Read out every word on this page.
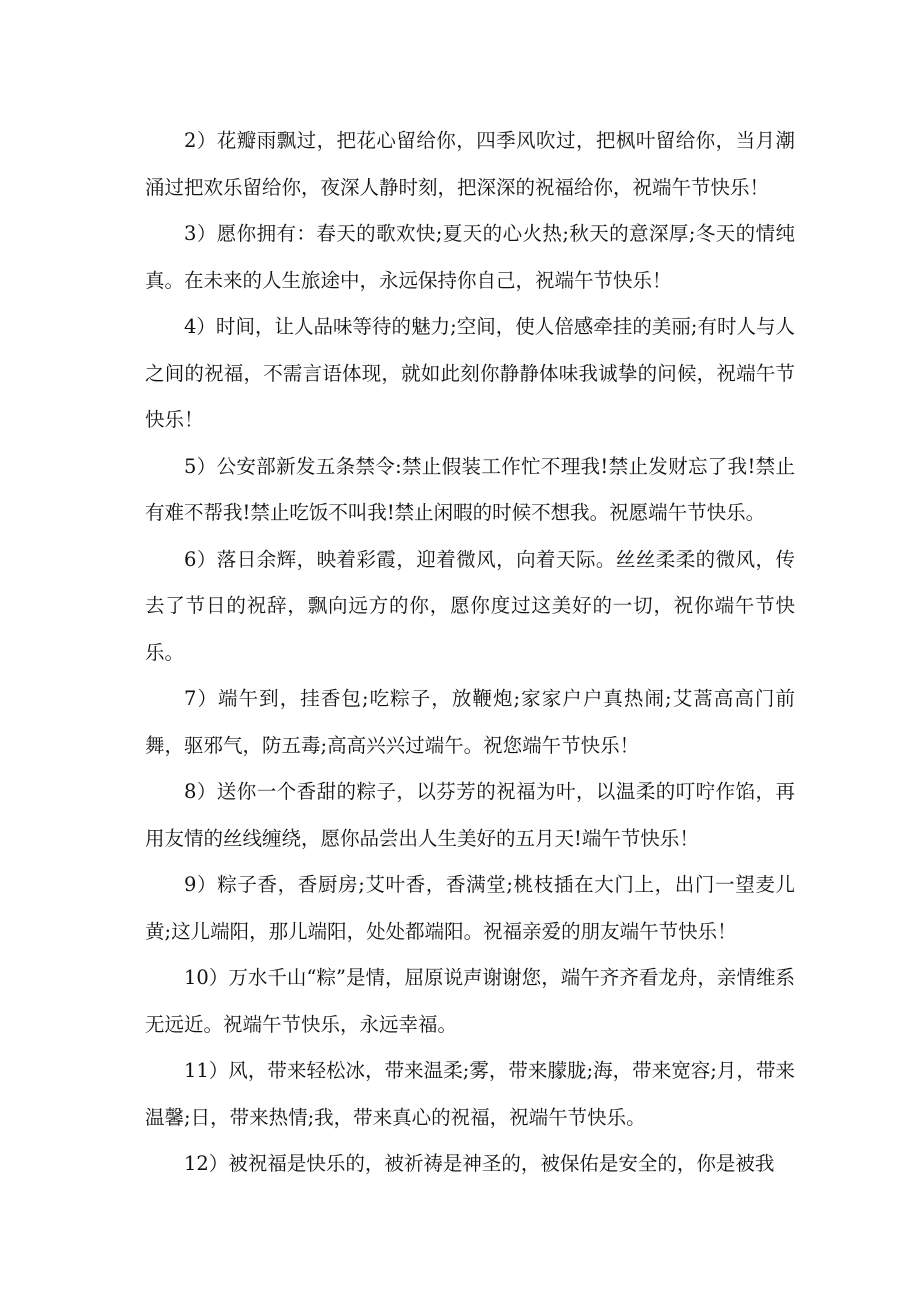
2）花瓣雨飘过，把花心留给你，四季风吹过，把枫叶留给你，当月潮涌过把欢乐留给你，夜深人静时刻，把深深的祝福给你，祝端午节快乐！

3）愿你拥有：春天的歌欢快;夏天的心火热;秋天的意深厚;冬天的情纯真。在未来的人生旅途中，永远保持你自己，祝端午节快乐！

4）时间，让人品味等待的魅力;空间，使人倍感牵挂的美丽;有时人与人之间的祝福，不需言语体现，就如此刻你静静体味我诚挚的问候，祝端午节快乐！

5）公安部新发五条禁令:禁止假装工作忙不理我!禁止发财忘了我!禁止有难不帮我!禁止吃饭不叫我!禁止闲暇的时候不想我。祝愿端午节快乐。

6）落日余辉，映着彩霞，迎着微风，向着天际。丝丝柔柔的微风，传去了节日的祝辞，飘向远方的你，愿你度过这美好的一切，祝你端午节快乐。

7）端午到，挂香包;吃粽子，放鞭炮;家家户户真热闹;艾蒿高高门前舞，驱邪气，防五毒;高高兴兴过端午。祝您端午节快乐！

8）送你一个香甜的粽子，以芬芳的祝福为叶，以温柔的叮咛作馅，再用友情的丝线缠绕，愿你品尝出人生美好的五月天!端午节快乐！

9）粽子香，香厨房;艾叶香，香满堂;桃枝插在大门上，出门一望麦儿黄;这儿端阳，那儿端阳，处处都端阳。祝福亲爱的朋友端午节快乐！

10）万水千山“粽”是情，屈原说声谢谢您，端午齐齐看龙舟，亲情维系无远近。祝端午节快乐，永远幸福。

11）风，带来轻松冰，带来温柔;雾，带来朦胧;海，带来宽容;月，带来温馨;日，带来热情;我，带来真心的祝福，祝端午节快乐。

12）被祝福是快乐的，被祈祷是神圣的，被保佑是安全的，你是被我
